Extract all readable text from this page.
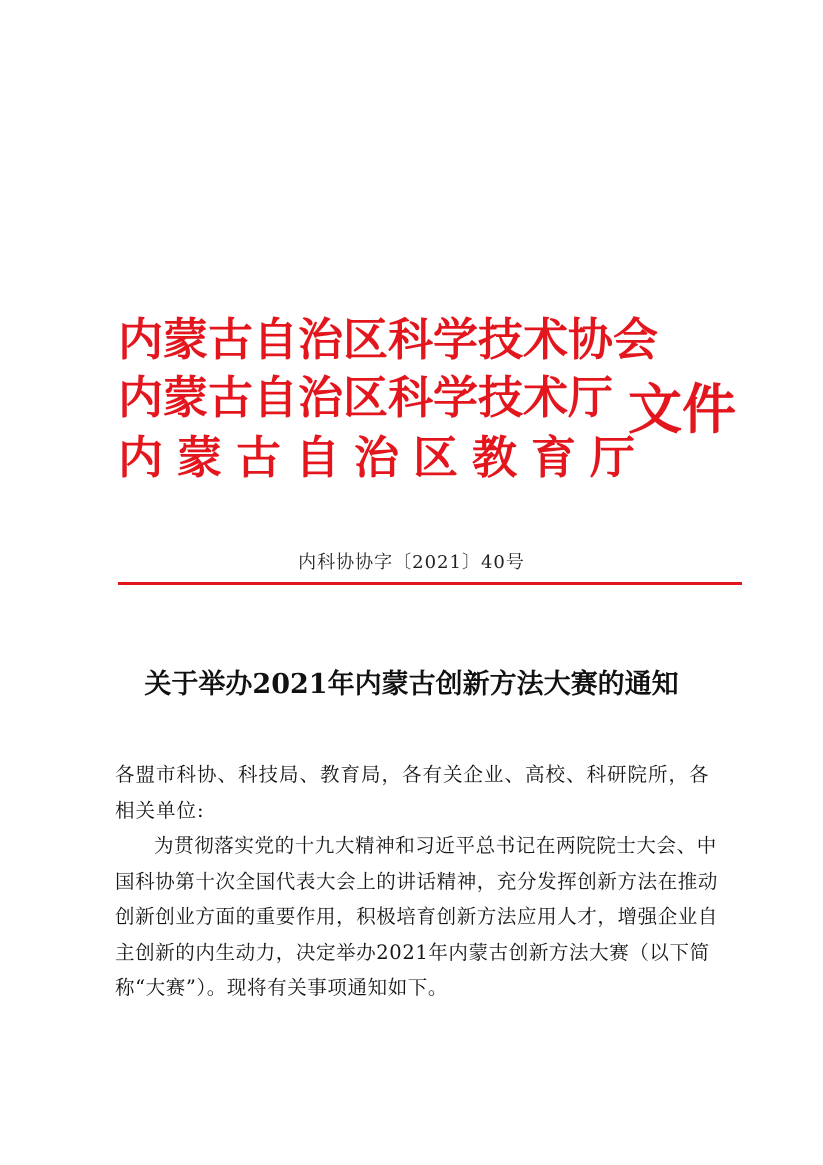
内蒙古自治区科学技术协会
内蒙古自治区科学技术厅
内蒙古自治区教育厅
文件
内科协协字〔2021〕40号
关于举办2021年内蒙古创新方法大赛的通知

各盟市科协、科技局、教育局，各有关企业、高校、科研院所，各相关单位:

为贯彻落实党的十九大精神和习近平总书记在两院院士大会、中国科协第十次全国代表大会上的讲话精神，充分发挥创新方法在推动创新创业方面的重要作用，积极培育创新方法应用人才，增强企业自主创新的内生动力，决定举办2021年内蒙古创新方法大赛（以下简称“大赛”）。现将有关事项通知如下。
